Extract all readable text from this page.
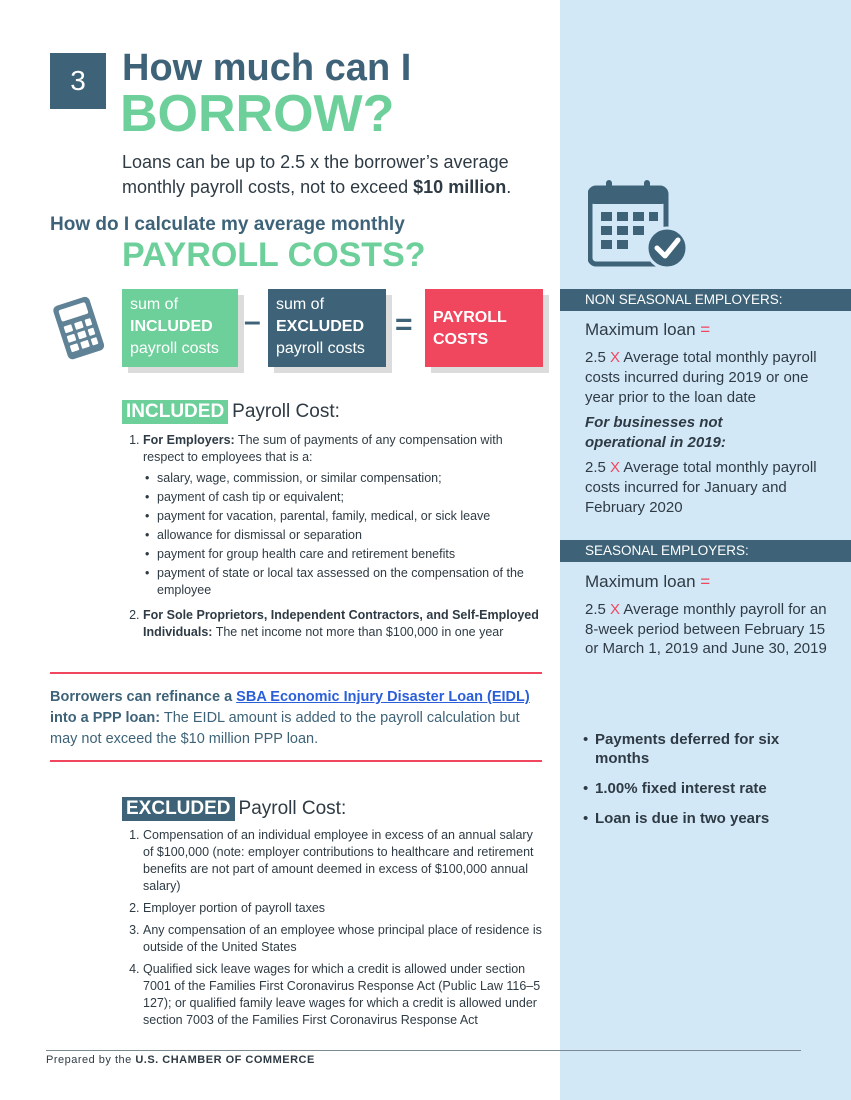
3 How much can I
BORROW?
Loans can be up to 2.5 x the borrower’s average monthly payroll costs, not to exceed $10 million.
How do I calculate my average monthly
PAYROLL COSTS?
sum of
INCLUDED
payroll costs
–
sum of
EXCLUDED
payroll costs
= PAYROLL
COSTS
INCLUDED Payroll Cost:
1. For Employers: The sum of payments of any compensation with respect to employees that is a:
• salary, wage, commission, or similar compensation;
• payment of cash tip or equivalent;
• payment for vacation, parental, family, medical, or sick leave
• allowance for dismissal or separation
• payment for group health care and retirement benefits
• payment of state or local tax assessed on the compensation of the employee
2. For Sole Proprietors, Independent Contractors, and Self-Employed Individuals: The net income not more than $100,000 in one year
Borrowers can refinance a SBA Economic Injury Disaster Loan (EIDL) into a PPP loan: The EIDL amount is added to the payroll calculation but may not exceed the $10 million PPP loan.
EXCLUDED Payroll Cost:
1. Compensation of an individual employee in excess of an annual salary of $100,000 (note: employer contributions to healthcare and retirement benefits are not part of amount deemed in excess of $100,000 annual salary)
2. Employer portion of payroll taxes
3. Any compensation of an employee whose principal place of residence is outside of the United States
4. Qualified sick leave wages for which a credit is allowed under section 7001 of the Families First Coronavirus Response Act (Public Law 116–5 127); or qualified family leave wages for which a credit is allowed under section 7003 of the Families First Coronavirus Response Act
Prepared by the U.S. CHAMBER OF COMMERCE
NON SEASONAL EMPLOYERS:
Maximum loan =
2.5 X Average total monthly payroll costs incurred during 2019 or one year prior to the loan date
For businesses not operational in 2019:
2.5 X Average total monthly payroll costs incurred for January and February 2020
SEASONAL EMPLOYERS:
Maximum loan =
2.5 X Average monthly payroll for an 8-week period between February 15 or March 1, 2019 and June 30, 2019
• Payments deferred for six months
• 1.00% fixed interest rate
• Loan is due in two years
